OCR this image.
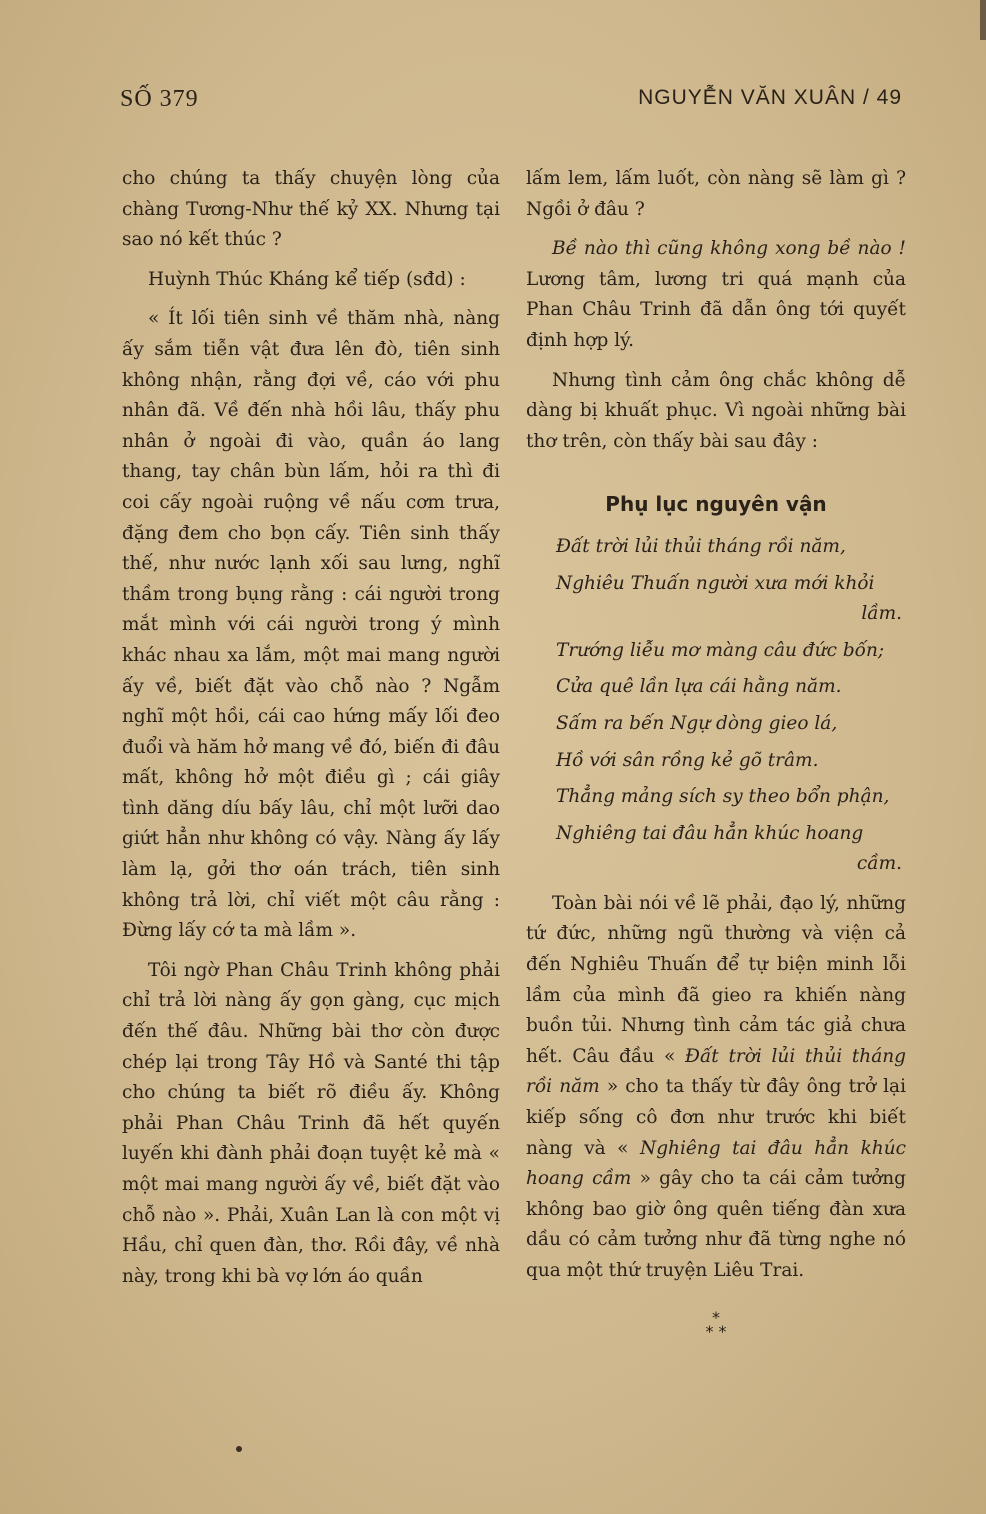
SỐ 379	NGUYỄN VĂN XUÂN / 49

cho chúng ta thấy chuyện lòng của chàng Tương-Như thế kỷ XX. Nhưng tại sao nó kết thúc ?

Huỳnh Thúc Kháng kể tiếp (sđd) :

« Ít lối tiên sinh về thăm nhà, nàng ấy sắm tiễn vật đưa lên đò, tiên sinh không nhận, rằng đợi về, cáo với phu nhân đã. Về đến nhà hồi lâu, thấy phu nhân ở ngoài đi vào, quần áo lang thang, tay chân bùn lấm, hỏi ra thì đi coi cấy ngoài ruộng về nấu cơm trưa, đặng đem cho bọn cấy. Tiên sinh thấy thế, như nước lạnh xối sau lưng, nghĩ thầm trong bụng rằng : cái người trong mắt mình với cái người trong ý mình khác nhau xa lắm, một mai mang người ấy về, biết đặt vào chỗ nào ? Ngẫm nghĩ một hồi, cái cao hứng mấy lối đeo đuổi và hăm hở mang về đó, biến đi đâu mất, không hở một điều gì ; cái giây tình dăng díu bấy lâu, chỉ một lưỡi dao giứt hẳn như không có vậy. Nàng ấy lấy làm lạ, gởi thơ oán trách, tiên sinh không trả lời, chỉ viết một câu rằng : Đừng lấy cớ ta mà lầm ».

Tôi ngờ Phan Châu Trinh không phải chỉ trả lời nàng ấy gọn gàng, cục mịch đến thế đâu. Những bài thơ còn được chép lại trong Tây Hồ và Santé thi tập cho chúng ta biết rõ điều ấy. Không phải Phan Châu Trinh đã hết quyến luyến khi đành phải đoạn tuyệt kẻ mà « một mai mang người ấy về, biết đặt vào chỗ nào ». Phải, Xuân Lan là con một vị Hầu, chỉ quen đàn, thơ. Rồi đây, về nhà này, trong khi bà vợ lớn áo quần

lấm lem, lấm luốt, còn nàng sẽ làm gì ? Ngồi ở đâu ?

Bề nào thì cũng không xong bề nào ! Lương tâm, lương tri quá mạnh của Phan Châu Trinh đã dẫn ông tới quyết định hợp lý.

Nhưng tình cảm ông chắc không dễ dàng bị khuất phục. Vì ngoài những bài thơ trên, còn thấy bài sau đây :

Phụ lục nguyên vận

Đất trời lủi thủi tháng rồi năm,

Nghiêu Thuấn người xưa mới khỏi
lầm.

Trướng liễu mơ màng câu đức bốn;

Cửa quê lần lựa cái hằng năm.

Sấm ra bến Ngự dòng gieo lá,

Hồ với sân rồng kẻ gõ trâm.

Thẳng mảng sích sy theo bổn phận,

Nghiêng tai đâu hẳn khúc hoang
cầm.

Toàn bài nói về lẽ phải, đạo lý, những tứ đức, những ngũ thường và viện cả đến Nghiêu Thuấn để tự biện minh lỗi lầm của mình đã gieo ra khiến nàng buồn tủi. Nhưng tình cảm tác giả chưa hết. Câu đầu « Đất trời lủi thủi tháng rồi năm » cho ta thấy từ đây ông trở lại kiếp sống cô đơn như trước khi biết nàng và « Nghiêng tai đâu hẳn khúc hoang cầm » gây cho ta cái cảm tưởng không bao giờ ông quên tiếng đàn xưa dầu có cảm tưởng như đã từng nghe nó qua một thứ truyện Liêu Trai.

*
* *
